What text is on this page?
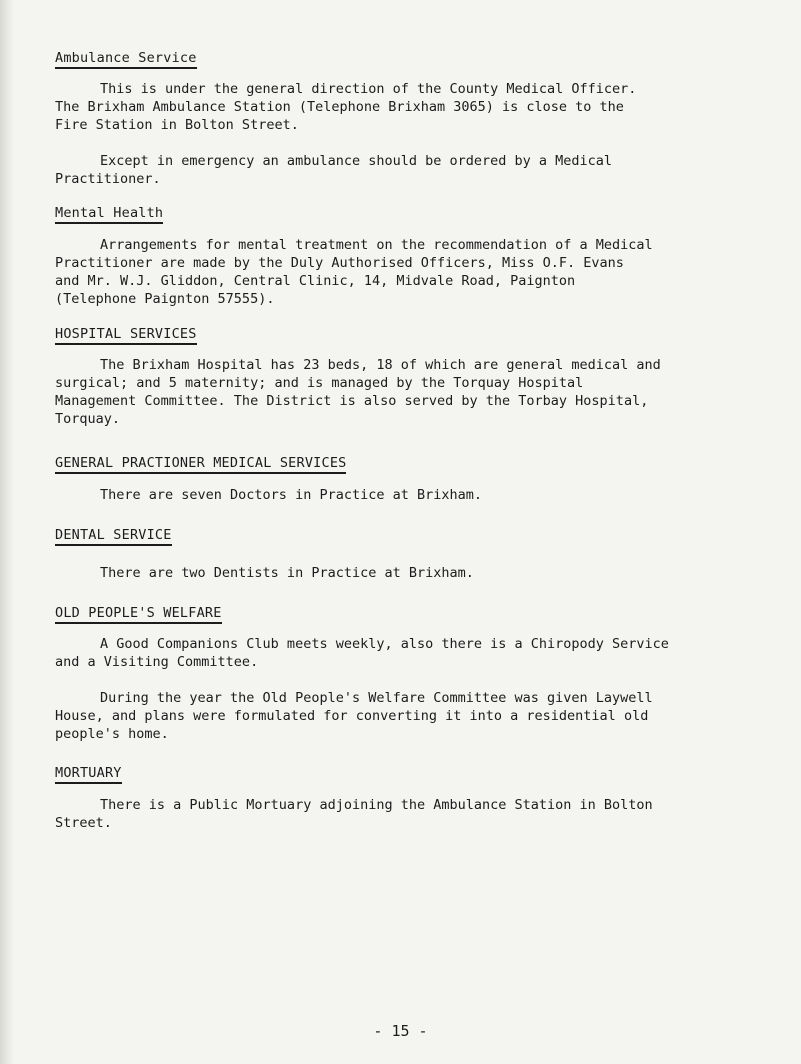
Ambulance Service

This is under the general direction of the County Medical Officer.
The Brixham Ambulance Station (Telephone Brixham 3065) is close to the
Fire Station in Bolton Street.

Except in emergency an ambulance should be ordered by a Medical
Practitioner.

Mental Health

Arrangements for mental treatment on the recommendation of a Medical
Practitioner are made by the Duly Authorised Officers, Miss O.F. Evans
and Mr. W.J. Gliddon, Central Clinic, 14, Midvale Road, Paignton
(Telephone Paignton 57555).

HOSPITAL SERVICES

The Brixham Hospital has 23 beds, 18 of which are general medical and
surgical; and 5 maternity; and is managed by the Torquay Hospital
Management Committee. The District is also served by the Torbay Hospital,
Torquay.

GENERAL PRACTIONER MEDICAL SERVICES

There are seven Doctors in Practice at Brixham.

DENTAL SERVICE

There are two Dentists in Practice at Brixham.

OLD PEOPLE'S WELFARE

A Good Companions Club meets weekly, also there is a Chiropody Service
and a Visiting Committee.

During the year the Old People's Welfare Committee was given Laywell
House, and plans were formulated for converting it into a residential old
people's home.

MORTUARY

There is a Public Mortuary adjoining the Ambulance Station in Bolton
Street.

- 15 -
